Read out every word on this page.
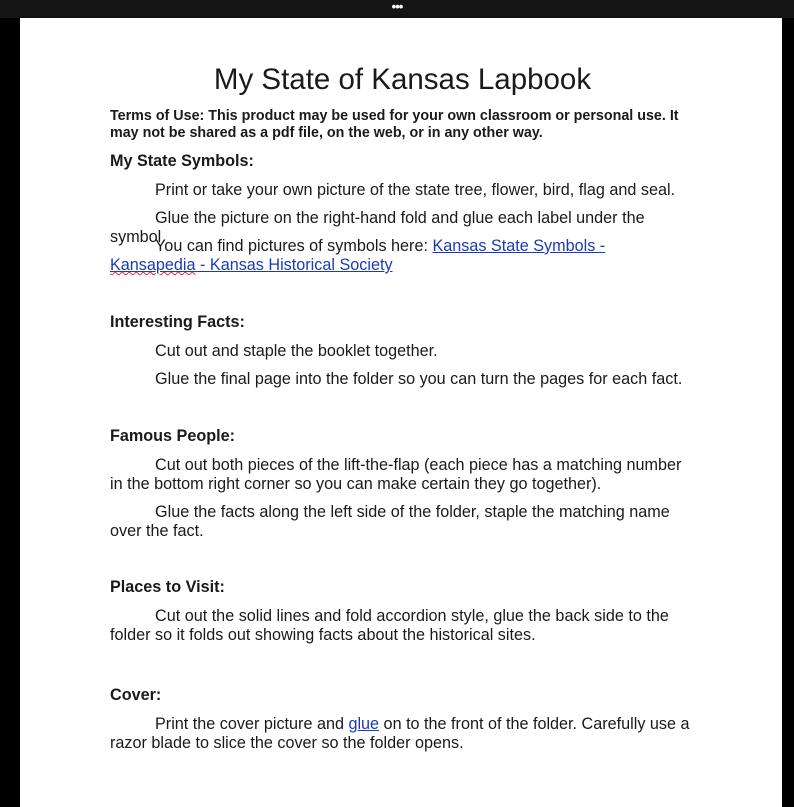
•••
My State of Kansas Lapbook
Terms of Use: This product may be used for your own classroom or personal use. It may not be shared as a pdf file, on the web, or in any other way.
My State Symbols:
Print or take your own picture of the state tree, flower, bird, flag and seal.
Glue the picture on the right-hand fold and glue each label under the symbol
You can find pictures of symbols here: Kansas State Symbols - Kansapedia - Kansas Historical Society
Interesting Facts:
Cut out and staple the booklet together.
Glue the final page into the folder so you can turn the pages for each fact.
Famous People:
Cut out both pieces of the lift-the-flap (each piece has a matching number in the bottom right corner so you can make certain they go together).
Glue the facts along the left side of the folder, staple the matching name over the fact.
Places to Visit:
Cut out the solid lines and fold accordion style, glue the back side to the folder so it folds out showing facts about the historical sites.
Cover:
Print the cover picture and glue on to the front of the folder. Carefully use a razor blade to slice the cover so the folder opens.
